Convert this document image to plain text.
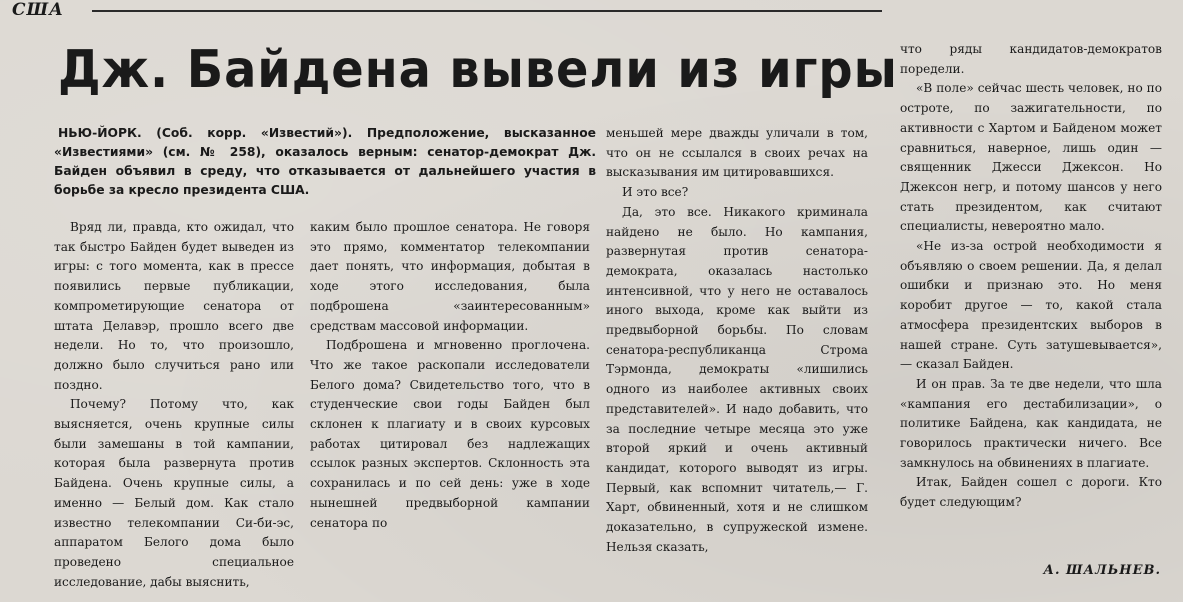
США
Дж. Байдена вывели из игры
НЬЮ-ЙОРК. (Соб. корр. «Известий»). Предположение, высказанное «Известиями» (см. № 258), оказалось верным: сенатор-демократ Дж. Байден объявил в среду, что отказывается от дальнейшего участия в борьбе за кресло президента США.

Вряд ли, правда, кто ожидал, что так быстро Байден будет выведен из игры: с того момента, как в прессе появились первые публикации, компрометирующие сенатора от штата Делавэр, прошло всего две недели. Но то, что произошло, должно было случиться рано или поздно.

Почему? Потому что, как выясняется, очень крупные силы были замешаны в той кампании, которая была развернута против Байдена. Очень крупные силы, а именно — Белый дом. Как стало известно телекомпании Си-би-эс, аппаратом Белого дома было проведено специальное исследование, дабы выяснить,

каким было прошлое сенатора. Не говоря это прямо, комментатор телекомпании дает понять, что информация, добытая в ходе этого исследования, была подброшена «заинтересованным» средствам массовой информации.

Подброшена и мгновенно проглочена. Что же такое раскопали исследователи Белого дома? Свидетельство того, что в студенческие свои годы Байден был склонен к плагиату и в своих курсовых работах цитировал без надлежащих ссылок разных экспертов. Склонность эта сохранилась и по сей день: уже в ходе нынешней предвыборной кампании сенатора по

меньшей мере дважды уличали в том, что он не ссылался в своих речах на высказывания им цитировавшихся.

И это все?

Да, это все. Никакого криминала найдено не было. Но кампания, развернутая против сенатора-демократа, оказалась настолько интенсивной, что у него не оставалось иного выхода, кроме как выйти из предвыборной борьбы. По словам сенатора-республиканца Строма Тэрмонда, демократы «лишились одного из наиболее активных своих представителей». И надо добавить, что за последние четыре месяца это уже второй яркий и очень активный кандидат, которого выводят из игры. Первый, как вспомнит читатель,— Г. Харт, обвиненный, хотя и не слишком доказательно, в супружеской измене. Нельзя сказать,

что ряды кандидатов-демократов поредели.

«В поле» сейчас шесть человек, но по остроте, по зажигательности, по активности с Хартом и Байденом может сравниться, наверное, лишь один — священник Джесси Джексон. Но Джексон негр, и потому шансов у него стать президентом, как считают специалисты, невероятно мало.

«Не из-за острой необходимости я объявляю о своем решении. Да, я делал ошибки и признаю это. Но меня коробит другое — то, какой стала атмосфера президентских выборов в нашей стране. Суть затушевывается», — сказал Байден.

И он прав. За те две недели, что шла «кампания его дестабилизации», о политике Байдена, как кандидата, не говорилось практически ничего. Все замкнулось на обвинениях в плагиате.

Итак, Байден сошел с дороги. Кто будет следующим?

А. ШАЛЬНЕВ.
